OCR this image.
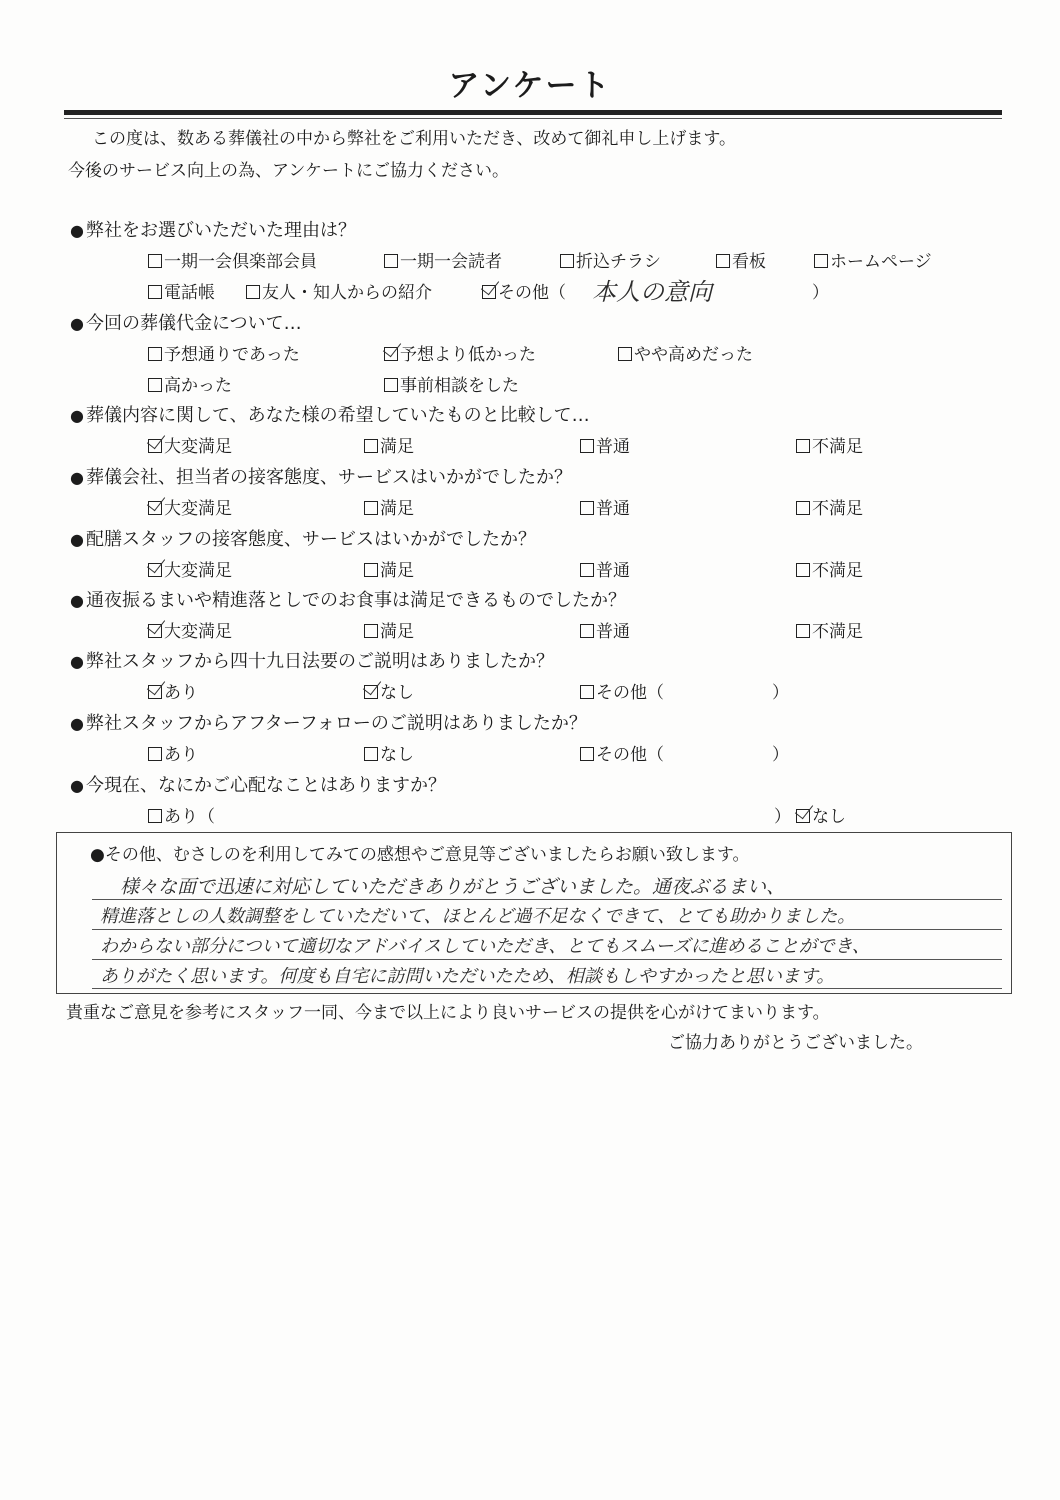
アンケート
この度は、数ある葬儀社の中から弊社をご利用いただき、改めて御礼申し上げます。
今後のサービス向上の為、アンケートにご協力ください。
● 弊社をお選びいただいた理由は？
一期一会倶楽部会員	一期一会読者	折込チラシ	看板	ホームページ
電話帳	友人・知人からの紹介	その他（ 本人の意向	）
● 今回の葬儀代金について…
予想通りであった	予想より低かった	やや高めだった
高かった	事前相談をした
● 葬儀内容に関して、あなた様の希望していたものと比較して…
大変満足	満足	普通	不満足
● 葬儀会社、担当者の接客態度、サービスはいかがでしたか？
大変満足	満足	普通	不満足
● 配膳スタッフの接客態度、サービスはいかがでしたか？
大変満足	満足	普通	不満足
● 通夜振るまいや精進落としでのお食事は満足できるものでしたか？
大変満足	満足	普通	不満足
● 弊社スタッフから四十九日法要のご説明はありましたか？
あり	なし	その他（	）
● 弊社スタッフからアフターフォローのご説明はありましたか？
あり	なし	その他（	）
● 今現在、なにかご心配なことはありますか？
あり（	）	なし
●その他、むさしのを利用してみての感想やご意見等ございましたらお願い致します。
様々な面で迅速に対応していただきありがとうございました。通夜ぶるまい、
精進落としの人数調整をしていただいて、ほとんど過不足なくできて、とても助かりました。
わからない部分について適切なアドバイスしていただき、とてもスムーズに進めることができ、
ありがたく思います。何度も自宅に訪問いただいたため、相談もしやすかったと思います。
貴重なご意見を参考にスタッフ一同、今まで以上により良いサービスの提供を心がけてまいります。
ご協力ありがとうございました。
